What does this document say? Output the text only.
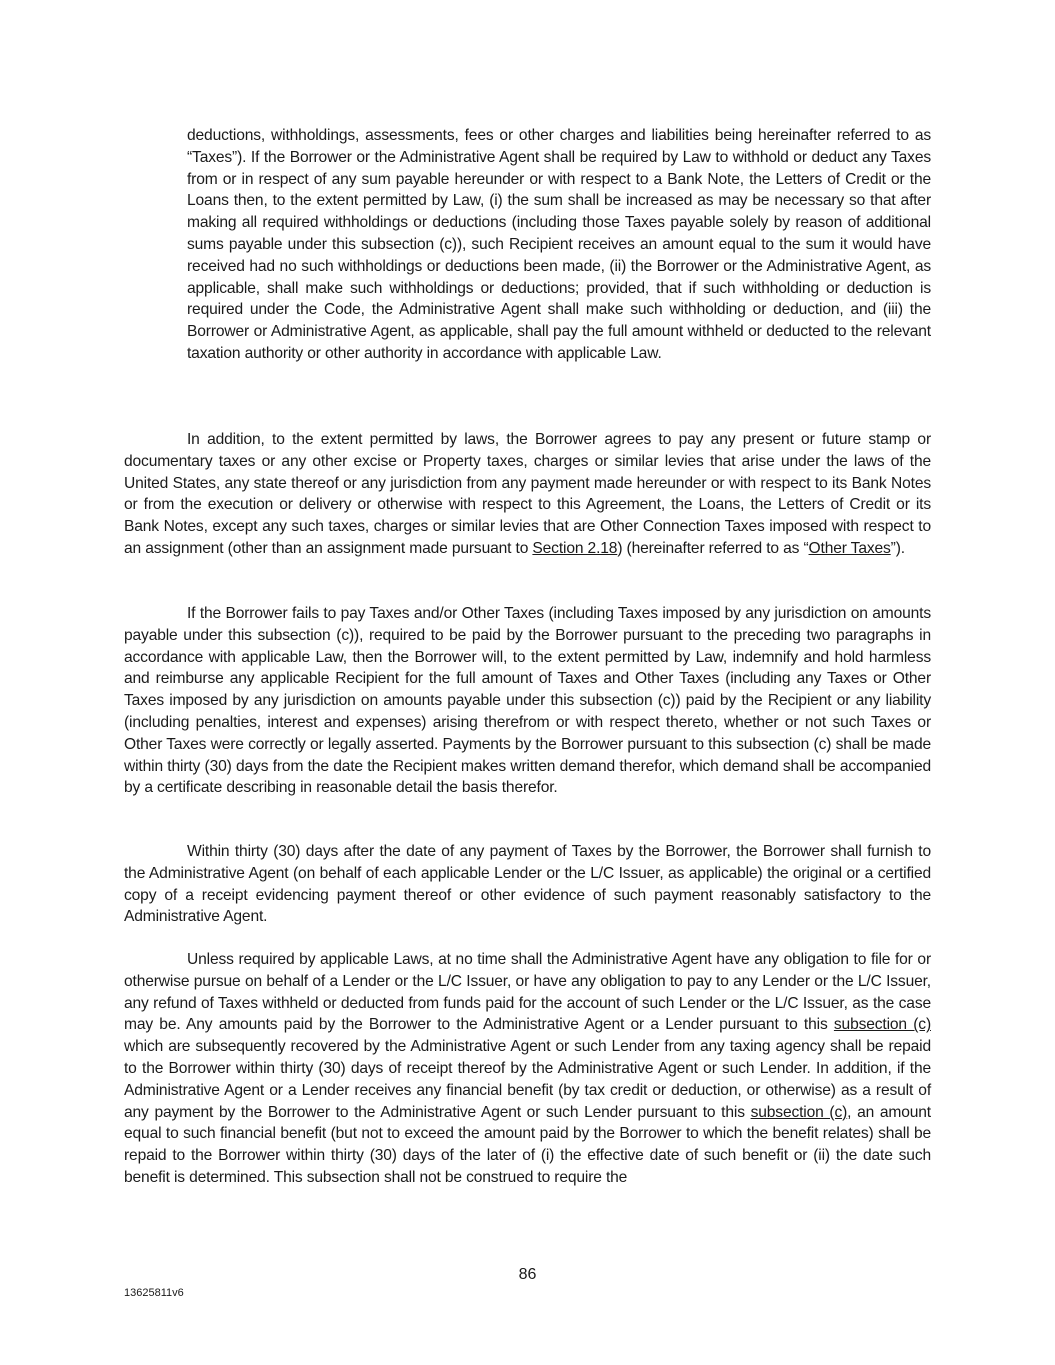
deductions, withholdings, assessments, fees or other charges and liabilities being hereinafter referred to as “Taxes”). If the Borrower or the Administrative Agent shall be required by Law to withhold or deduct any Taxes from or in respect of any sum payable hereunder or with respect to a Bank Note, the Letters of Credit or the Loans then, to the extent permitted by Law, (i) the sum shall be increased as may be necessary so that after making all required withholdings or deductions (including those Taxes payable solely by reason of additional sums payable under this subsection (c)), such Recipient receives an amount equal to the sum it would have received had no such withholdings or deductions been made, (ii) the Borrower or the Administrative Agent, as applicable, shall make such withholdings or deductions; provided, that if such withholding or deduction is required under the Code, the Administrative Agent shall make such withholding or deduction, and (iii) the Borrower or Administrative Agent, as applicable, shall pay the full amount withheld or deducted to the relevant taxation authority or other authority in accordance with applicable Law.

In addition, to the extent permitted by laws, the Borrower agrees to pay any present or future stamp or documentary taxes or any other excise or Property taxes, charges or similar levies that arise under the laws of the United States, any state thereof or any jurisdiction from any payment made hereunder or with respect to its Bank Notes or from the execution or delivery or otherwise with respect to this Agreement, the Loans, the Letters of Credit or its Bank Notes, except any such taxes, charges or similar levies that are Other Connection Taxes imposed with respect to an assignment (other than an assignment made pursuant to Section 2.18) (hereinafter referred to as “Other Taxes”).

If the Borrower fails to pay Taxes and/or Other Taxes (including Taxes imposed by any jurisdiction on amounts payable under this subsection (c)), required to be paid by the Borrower pursuant to the preceding two paragraphs in accordance with applicable Law, then the Borrower will, to the extent permitted by Law, indemnify and hold harmless and reimburse any applicable Recipient for the full amount of Taxes and Other Taxes (including any Taxes or Other Taxes imposed by any jurisdiction on amounts payable under this subsection (c)) paid by the Recipient or any liability (including penalties, interest and expenses) arising therefrom or with respect thereto, whether or not such Taxes or Other Taxes were correctly or legally asserted. Payments by the Borrower pursuant to this subsection (c) shall be made within thirty (30) days from the date the Recipient makes written demand therefor, which demand shall be accompanied by a certificate describing in reasonable detail the basis therefor.

Within thirty (30) days after the date of any payment of Taxes by the Borrower, the Borrower shall furnish to the Administrative Agent (on behalf of each applicable Lender or the L/C Issuer, as applicable) the original or a certified copy of a receipt evidencing payment thereof or other evidence of such payment reasonably satisfactory to the Administrative Agent.

Unless required by applicable Laws, at no time shall the Administrative Agent have any obligation to file for or otherwise pursue on behalf of a Lender or the L/C Issuer, or have any obligation to pay to any Lender or the L/C Issuer, any refund of Taxes withheld or deducted from funds paid for the account of such Lender or the L/C Issuer, as the case may be. Any amounts paid by the Borrower to the Administrative Agent or a Lender pursuant to this subsection (c) which are subsequently recovered by the Administrative Agent or such Lender from any taxing agency shall be repaid to the Borrower within thirty (30) days of receipt thereof by the Administrative Agent or such Lender. In addition, if the Administrative Agent or a Lender receives any financial benefit (by tax credit or deduction, or otherwise) as a result of any payment by the Borrower to the Administrative Agent or such Lender pursuant to this subsection (c), an amount equal to such financial benefit (but not to exceed the amount paid by the Borrower to which the benefit relates) shall be repaid to the Borrower within thirty (30) days of the later of (i) the effective date of such benefit or (ii) the date such benefit is determined. This subsection shall not be construed to require the

86
13625811v6
